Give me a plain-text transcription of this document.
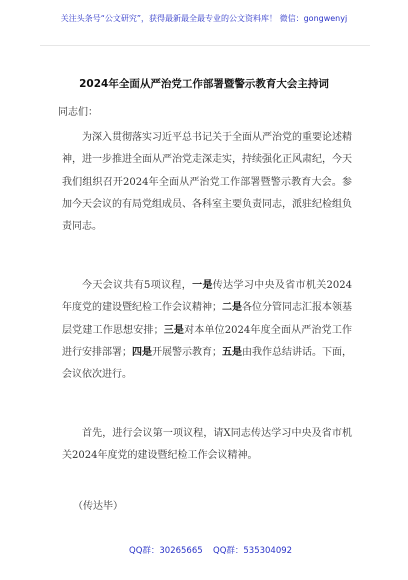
关注头条号“公文研究”，获得最新最全最专业的公文资料库！ 微信：gongwenyj
2024年全面从严治党工作部署暨警示教育大会主持词
同志们：

为深入贯彻落实习近平总书记关于全面从严治党的重要论述精神，进一步推进全面从严治党走深走实，持续强化正风肃纪，今天我们组织召开2024年全面从严治党工作部署暨警示教育大会。参加今天会议的有局党组成员、各科室主要负责同志，派驻纪检组负责同志。

今天会议共有5项议程，一是传达学习中央及省市机关2024年度党的建设暨纪检工作会议精神；二是各位分管同志汇报本领基层党建工作思想安排；三是对本单位2024年度全面从严治党工作进行安排部署；四是开展警示教育；五是由我作总结讲话。下面，会议依次进行。

首先，进行会议第一项议程，请X同志传达学习中央及省市机关2024年度党的建设暨纪检工作会议精神。

（传达毕）
QQ群：30265665 QQ群：535304092
